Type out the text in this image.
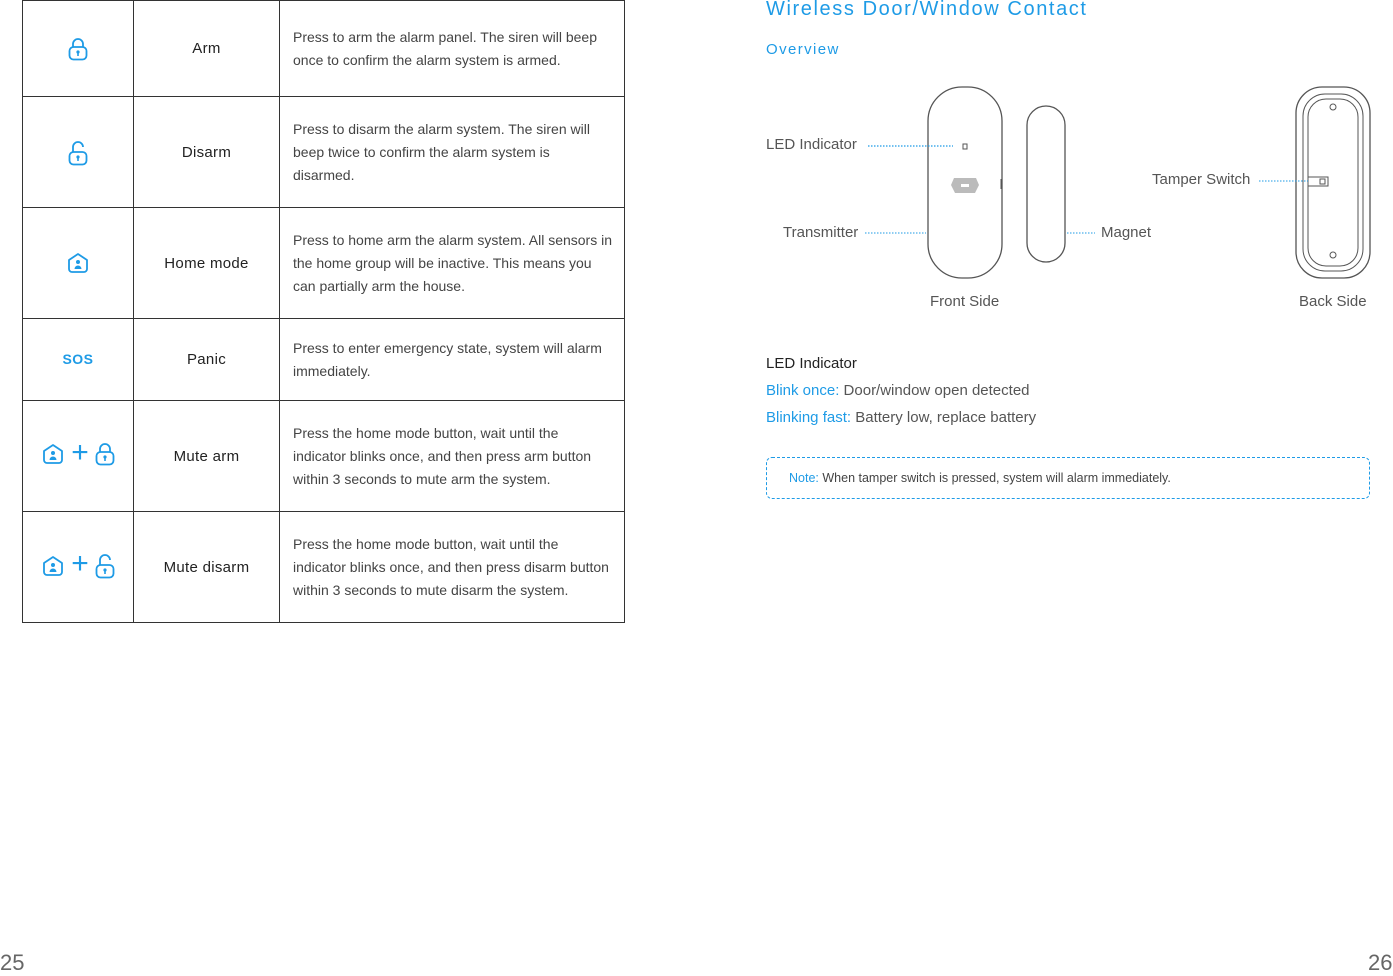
	Arm	Press to arm the alarm panel. The siren will beep once to confirm the alarm system is armed.
	Disarm	Press to disarm the alarm system. The siren will beep twice to confirm the alarm system is disarmed.
	Home mode	Press to home arm the alarm system. All sensors in the home group will be inactive. This means you can partially arm the house.
SOS	Panic	Press to enter emergency state, system will alarm immediately.

+	Mute arm	Press the home mode button, wait until the indicator blinks once, and then press arm button within 3 seconds to mute arm the system.

+	Mute disarm	Press the home mode button, wait until the indicator blinks once, and then press disarm button within 3 seconds to mute disarm the system.
25
Wireless Door/Window Contact
Overview
LED Indicator
Transmitter	Magnet
Tamper Switch
Front Side	Back Side
LED Indicator
Blink once: Door/window open detected
Blinking fast: Battery low, replace battery
Note: When tamper switch is pressed, system will alarm immediately.
26
